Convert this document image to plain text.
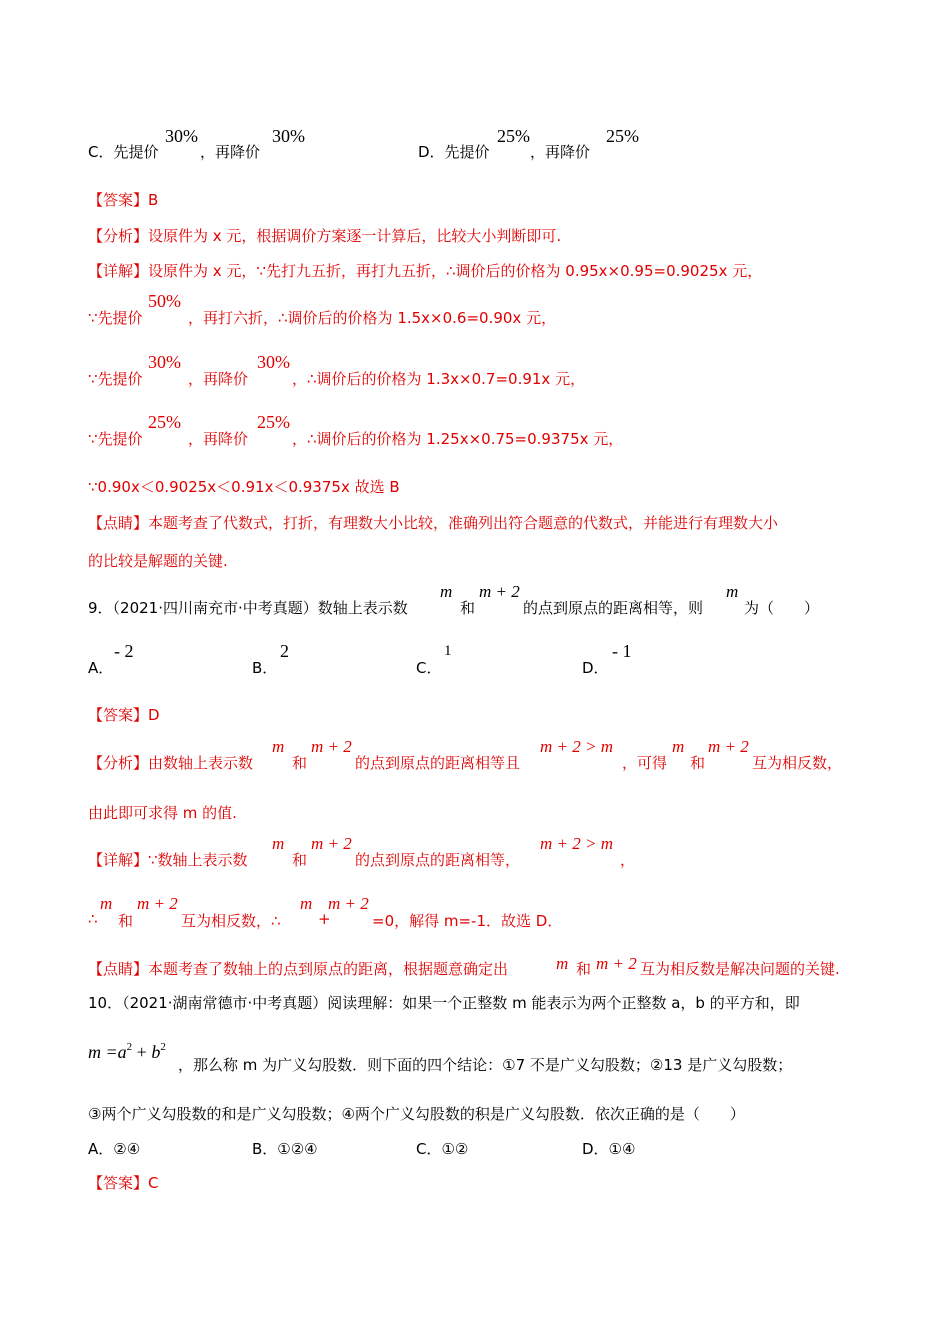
C．先提价
30%
，再降价
30%
D．先提价
25%
，再降价
25%
【答案】B
【分析】设原件为 x 元，根据调价方案逐一计算后，比较大小判断即可.
【详解】设原件为 x 元，∵先打九五折，再打九五折，∴调价后的价格为 0.95x×0.95=0.9025x 元，
∵先提价
50%
，再打六折，∴调价后的价格为 1.5x×0.6=0.90x 元，
∵先提价
30%
，再降价
30%
，∴调价后的价格为 1.3x×0.7=0.91x 元，
∵先提价
25%
，再降价
25%
，∴调价后的价格为 1.25x×0.75=0.9375x 元，
∵0.90x＜0.9025x＜0.91x＜0.9375x 故选 B
【点睛】本题考查了代数式，打折，有理数大小比较，准确列出符合题意的代数式，并能进行有理数大小
的比较是解题的关键.
9．（2021·四川南充市·中考真题）数轴上表示数
m
和
m + 2
的点到原点的距离相等，则
m
为（　　）
A．
- 2
B．
2
C．
1
D．
- 1
【答案】D
【分析】由数轴上表示数
m
和
m + 2
的点到原点的距离相等且
m + 2 > m
，可得
m
和
m + 2
互为相反数，
由此即可求得 m 的值.
【详解】∵数轴上表示数
m
和
m + 2
的点到原点的距离相等，
m + 2 > m
，
∴
m
和
m + 2
互为相反数，∴
m
+
m + 2
=0，解得 m=-1．故选 D．
【点睛】本题考查了数轴上的点到原点的距离，根据题意确定出	m 和 m + 2 互为相反数是解决问题的关键.
10．（2021·湖南常德市·中考真题）阅读理解：如果一个正整数 m 能表示为两个正整数 a，b 的平方和，即
$m =a^2 + b^2$
，那么称 m 为广义勾股数．则下面的四个结论：①7 不是广义勾股数；②13 是广义勾股数；
③两个广义勾股数的和是广义勾股数；④两个广义勾股数的积是广义勾股数．依次正确的是（　　）
A．②④	B．①②④	C．①②	D．①④
【答案】C
